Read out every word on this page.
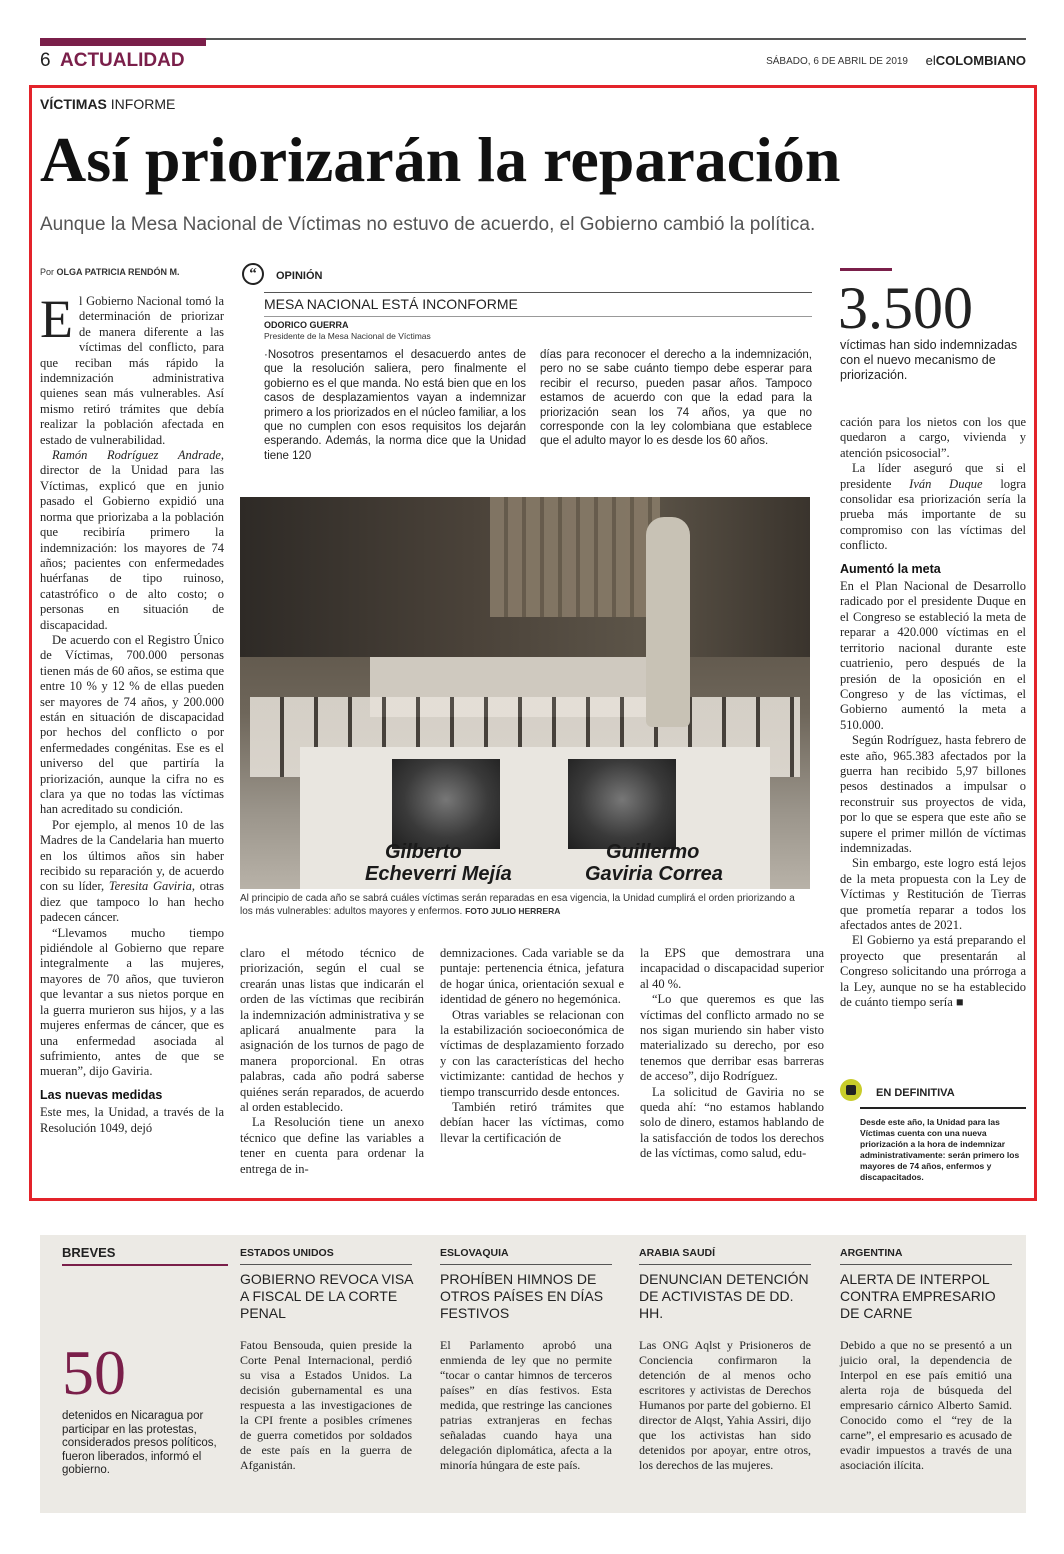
6 ACTUALIDAD	SÁBADO, 6 DE ABRIL DE 2019 elCOLOMBIANO
VÍCTIMAS INFORME
Así priorizarán la reparación
Aunque la Mesa Nacional de Víctimas no estuvo de acuerdo, el Gobierno cambió la política.
Por OLGA PATRICIA RENDÓN M.

El Gobierno Nacional tomó la determinación de priorizar de manera diferente a las víctimas del conflicto, para que reciban más rápido la indemnización administrativa quienes sean más vulnerables. Así mismo retiró trámites que debía realizar la población afectada en estado de vulnerabilidad.

Ramón Rodríguez Andrade, director de la Unidad para las Víctimas, explicó que en junio pasado el Gobierno expidió una norma que priorizaba a la población que recibiría primero la indemnización: los mayores de 74 años; pacientes con enfermedades huérfanas de tipo ruinoso, catastrófico o de alto costo; o personas en situación de discapacidad.

De acuerdo con el Registro Único de Víctimas, 700.000 personas tienen más de 60 años, se estima que entre 10 % y 12 % de ellas pueden ser mayores de 74 años, y 200.000 están en situación de discapacidad por hechos del conflicto o por enfermedades congénitas. Ese es el universo del que partiría la priorización, aunque la cifra no es clara ya que no todas las víctimas han acreditado su condición.

Por ejemplo, al menos 10 de las Madres de la Candelaria han muerto en los últimos años sin haber recibido su reparación y, de acuerdo con su líder, Teresita Gaviria, otras diez que tampoco lo han hecho padecen cáncer.

“Llevamos mucho tiempo pidiéndole al Gobierno que repare integralmente a las mujeres, mayores de 70 años, que tuvieron que levantar a sus nietos porque en la guerra murieron sus hijos, y a las mujeres enfermas de cáncer, que es una enfermedad asociada al sufrimiento, antes de que se mueran”, dijo Gaviria.

Las nuevas medidas

Este mes, la Unidad, a través de la Resolución 1049, dejó

“	OPINIÓN
MESA NACIONAL ESTÁ INCONFORME
ODORICO GUERRA
Presidente de la Mesa Nacional de Víctimas
·Nosotros presentamos el desacuerdo antes de que la resolución saliera, pero finalmente el gobierno es el que manda. No está bien que en los casos de desplazamientos vayan a indemnizar primero a los priorizados en el núcleo familiar, a los que no cumplen con esos requisitos los dejarán esperando. Además, la norma dice que la Unidad tiene 120
días para reconocer el derecho a la indemnización, pero no se sabe cuánto tiempo debe esperar para recibir el recurso, pueden pasar años. Tampoco estamos de acuerdo con que la edad para la priorización sean los 74 años, ya que no corresponde con la ley colombiana que establece que el adulto mayor lo es desde los 60 años.
3.500
víctimas han sido indemnizadas con el nuevo mecanismo de priorización.
Gilberto
Echeverri Mejía
Guillermo
Gaviria Correa
Al principio de cada año se sabrá cuáles víctimas serán reparadas en esa vigencia, la Unidad cumplirá el orden priorizando a los más vulnerables: adultos mayores y enfermos. FOTO JULIO HERRERA

claro el método técnico de priorización, según el cual se crearán unas listas que indicarán el orden de las víctimas que recibirán la indemnización administrativa y se aplicará anualmente para la asignación de los turnos de pago de manera proporcional. En otras palabras, cada año podrá saberse quiénes serán reparados, de acuerdo al orden establecido.

La Resolución tiene un anexo técnico que define las variables a tener en cuenta para ordenar la entrega de in-

demnizaciones. Cada variable se da puntaje: pertenencia étnica, jefatura de hogar única, orientación sexual e identidad de género no hegemónica.

Otras variables se relacionan con la estabilización socioeconómica de víctimas de desplazamiento forzado y con las características del hecho victimizante: cantidad de hechos y tiempo transcurrido desde entonces.

También retiró trámites que debían hacer las víctimas, como llevar la certificación de

la EPS que demostrara una incapacidad o discapacidad superior al 40 %.

“Lo que queremos es que las víctimas del conflicto armado no se nos sigan muriendo sin haber visto materializado su derecho, por eso tenemos que derribar esas barreras de acceso”, dijo Rodríguez.

La solicitud de Gaviria no se queda ahí: “no estamos hablando solo de dinero, estamos hablando de la satisfacción de todos los derechos de las víctimas, como salud, edu-

cación para los nietos con los que quedaron a cargo, vivienda y atención psicosocial”.

La líder aseguró que si el presidente Iván Duque logra consolidar esa priorización sería la prueba más importante de su compromiso con las víctimas del conflicto.

Aumentó la meta

En el Plan Nacional de Desarrollo radicado por el presidente Duque en el Congreso se estableció la meta de reparar a 420.000 víctimas en el territorio nacional durante este cuatrienio, pero después de la presión de la oposición en el Congreso y de las víctimas, el Gobierno aumentó la meta a 510.000.

Según Rodríguez, hasta febrero de este año, 965.383 afectados por la guerra han recibido 5,97 billones pesos destinados a impulsar o reconstruir sus proyectos de vida, por lo que se espera que este año se supere el primer millón de víctimas indemnizadas.

Sin embargo, este logro está lejos de la meta propuesta con la Ley de Víctimas y Restitución de Tierras que prometía reparar a todos los afectados antes de 2021.

El Gobierno ya está preparando el proyecto que presentarán al Congreso solicitando una prórroga a la Ley, aunque no se ha establecido de cuánto tiempo sería ■

EN DEFINITIVA
Desde este año, la Unidad para las Víctimas cuenta con una nueva priorización a la hora de indemnizar administrativamente: serán primero los mayores de 74 años, enfermos y discapacitados.
BREVES
50
detenidos en Nicaragua por participar en las protestas, considerados presos políticos, fueron liberados, informó el gobierno.
ESTADOS UNIDOS
GOBIERNO REVOCA VISA A FISCAL DE LA CORTE PENAL
Fatou Bensouda, quien preside la Corte Penal Internacional, perdió su visa a Estados Unidos. La decisión gubernamental es una respuesta a las investigaciones de la CPI frente a posibles crímenes de guerra cometidos por soldados de este país en la guerra de Afganistán.
ESLOVAQUIA
PROHÍBEN HIMNOS DE OTROS PAÍSES EN DÍAS FESTIVOS
El Parlamento aprobó una enmienda de ley que no permite “tocar o cantar himnos de terceros países” en días festivos. Esta medida, que restringe las canciones patrias extranjeras en fechas señaladas cuando haya una delegación diplomática, afecta a la minoría húngara de este país.
ARABIA SAUDÍ
DENUNCIAN DETENCIÓN DE ACTIVISTAS DE DD. HH.
Las ONG Aqlst y Prisioneros de Conciencia confirmaron la detención de al menos ocho escritores y activistas de Derechos Humanos por parte del gobierno. El director de Alqst, Yahia Assiri, dijo que los activistas han sido detenidos por apoyar, entre otros, los derechos de las mujeres.
ARGENTINA
ALERTA DE INTERPOL CONTRA EMPRESARIO DE CARNE
Debido a que no se presentó a un juicio oral, la dependencia de Interpol en ese país emitió una alerta roja de búsqueda del empresario cárnico Alberto Samid. Conocido como el “rey de la carne”, el empresario es acusado de evadir impuestos a través de una asociación ilícita.
